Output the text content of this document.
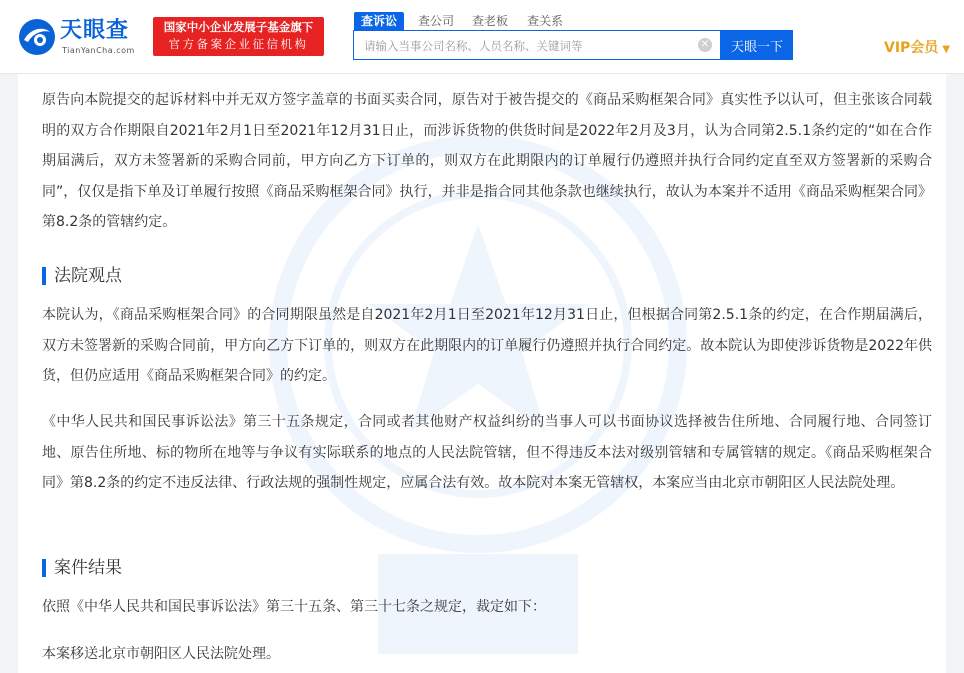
天眼查
TianYanCha.com
国家中小企业发展子基金旗下
官方备案企业征信机构
查诉讼	查公司 查老板 查关系
请输入当事公司名称、人员名称、关键词等
✕	天眼一下	VIP会员 ▼
原告向本院提交的起诉材料中并无双方签字盖章的书面买卖合同，原告对于被告提交的《商品采购框架合同》真实性予以认可，但主张该合同载明的双方合作期限自2021年2月1日至2021年12月31日止，而涉诉货物的供货时间是2022年2月及3月，认为合同第2.5.1条约定的“如在合作期届满后，双方未签署新的采购合同前，甲方向乙方下订单的，则双方在此期限内的订单履行仍遵照并执行合同约定直至双方签署新的采购合同”，仅仅是指下单及订单履行按照《商品采购框架合同》执行，并非是指合同其他条款也继续执行，故认为本案并不适用《商品采购框架合同》第8.2条的管辖约定。
法院观点
本院认为，《商品采购框架合同》的合同期限虽然是自2021年2月1日至2021年12月31日止，但根据合同第2.5.1条的约定，在合作期届满后，双方未签署新的采购合同前，甲方向乙方下订单的，则双方在此期限内的订单履行仍遵照并执行合同约定。故本院认为即使涉诉货物是2022年供货，但仍应适用《商品采购框架合同》的约定。
《中华人民共和国民事诉讼法》第三十五条规定，合同或者其他财产权益纠纷的当事人可以书面协议选择被告住所地、合同履行地、合同签订地、原告住所地、标的物所在地等与争议有实际联系的地点的人民法院管辖，但不得违反本法对级别管辖和专属管辖的规定。《商品采购框架合同》第8.2条的约定不违反法律、行政法规的强制性规定，应属合法有效。故本院对本案无管辖权，本案应当由北京市朝阳区人民法院处理。
案件结果
依照《中华人民共和国民事诉讼法》第三十五条、第三十七条之规定，裁定如下：
本案移送北京市朝阳区人民法院处理。
